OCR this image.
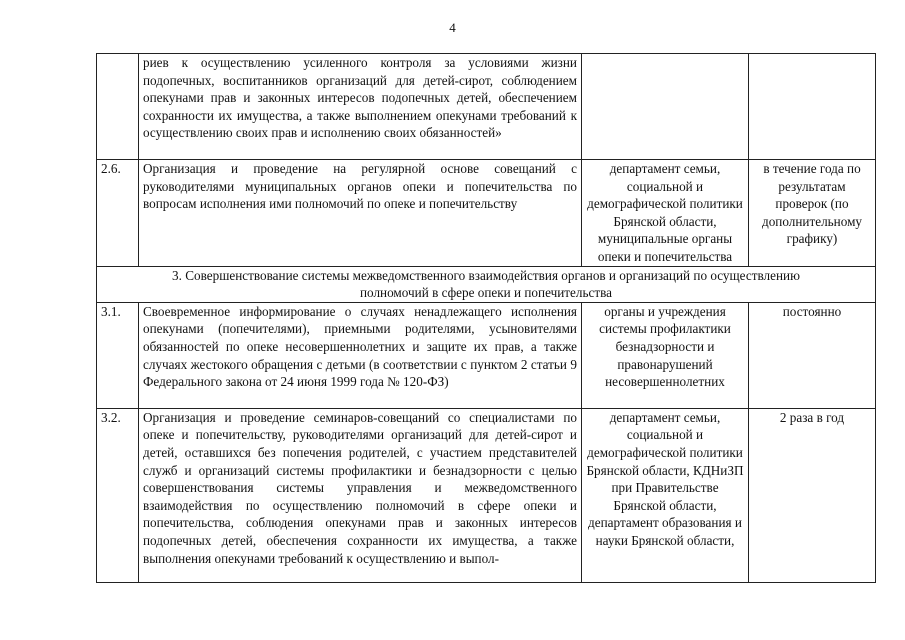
4
	риев к осуществлению усиленного контроля за условиями жизни подопечных, воспитанников организаций для детей-сирот, соблюдением опекунами прав и законных интересов подопечных детей, обеспечением сохранности их имущества, а также выполнением опекунами требований к осуществлению своих прав и исполнению своих обязанностей»		
2.6.	Организация и проведение на регулярной основе совещаний с руководителями муниципальных органов опеки и попечительства по вопросам исполнения ими полномочий по опеке и попечительству	департамент семьи, социальной и демографической политики Брянской области, муниципальные органы опеки и попечительства	в течение года по результатам проверок (по дополнительному графику)

3. Совершенствование системы межведомственного взаимодействия органов и организаций по осуществлению
полномочий в сфере опеки и попечительства			

3.1.	Своевременное информирование о случаях ненадлежащего исполнения опекунами (попечителями), приемными родителями, усыновителями обязанностей по опеке несовершеннолетних и защите их прав, а также случаях жестокого обращения с детьми (в соответствии с пунктом 2 статьи 9 Федерального закона от 24 июня 1999 года № 120-ФЗ)	органы и учреждения системы профилактики безнадзорности и правонарушений несовершеннолетних	постоянно
3.2.	Организация и проведение семинаров-совещаний со специалистами по опеке и попечительству, руководителями организаций для детей-сирот и детей, оставшихся без попечения родителей, с участием представителей служб и организаций системы профилактики и безнадзорности с целью совершенствования системы управления и межведомственного взаимодействия по осуществлению полномочий в сфере опеки и попечительства, соблюдения опекунами прав и законных интересов подопечных детей, обеспечения сохранности их имущества, а также выполнения опекунами требований к осуществлению и выпол-	департамент семьи, социальной и демографической политики Брянской области, КДНиЗП при Правительстве Брянской области, департамент образования и науки Брянской области,	2 раза в год
